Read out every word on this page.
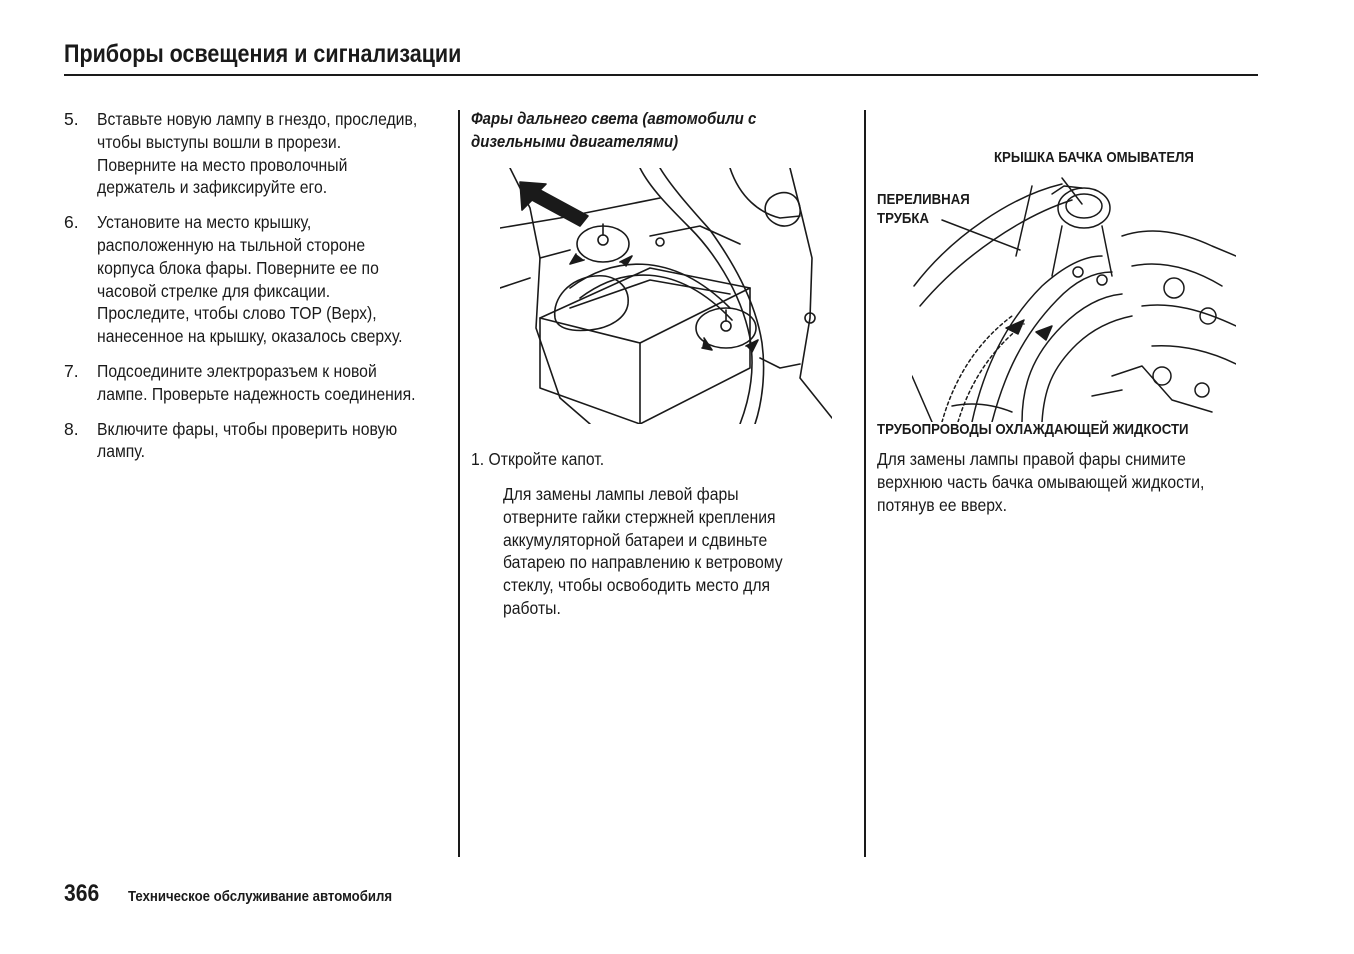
Приборы освещения и сигнализации
5.	Вставьте новую лампу в гнездо, проследив, чтобы выступы вошли в прорези. Поверните на место проволочный держатель и зафиксируйте его.
6.	Установите на место крышку, расположенную на тыльной стороне корпуса блока фары. Поверните ее по часовой стрелке для фиксации. Проследите, чтобы слово TOP (Верх), нанесенное на крышку, оказалось сверху.
7.	Подсоедините электроразъем к новой лампе. Проверьте надежность соединения.
8.	Включите фары, чтобы проверить новую лампу.
Фары дальнего света (автомобили с дизельными двигателями)
1. Откройте капот.
Для замены лампы левой фары отверните гайки стержней крепления аккумуляторной батареи и сдвиньте батарею по направлению к ветровому стеклу, чтобы освободить место для работы.
КРЫШКА БАЧКА ОМЫВАТЕЛЯ
ПЕРЕЛИВНАЯ
ТРУБКА
ТРУБОПРОВОДЫ ОХЛАЖДАЮЩЕЙ ЖИДКОСТИ
Для замены лампы правой фары снимите верхнюю часть бачка омывающей жидкости, потянув ее вверх.
366 Техническое обслуживание автомобиля
